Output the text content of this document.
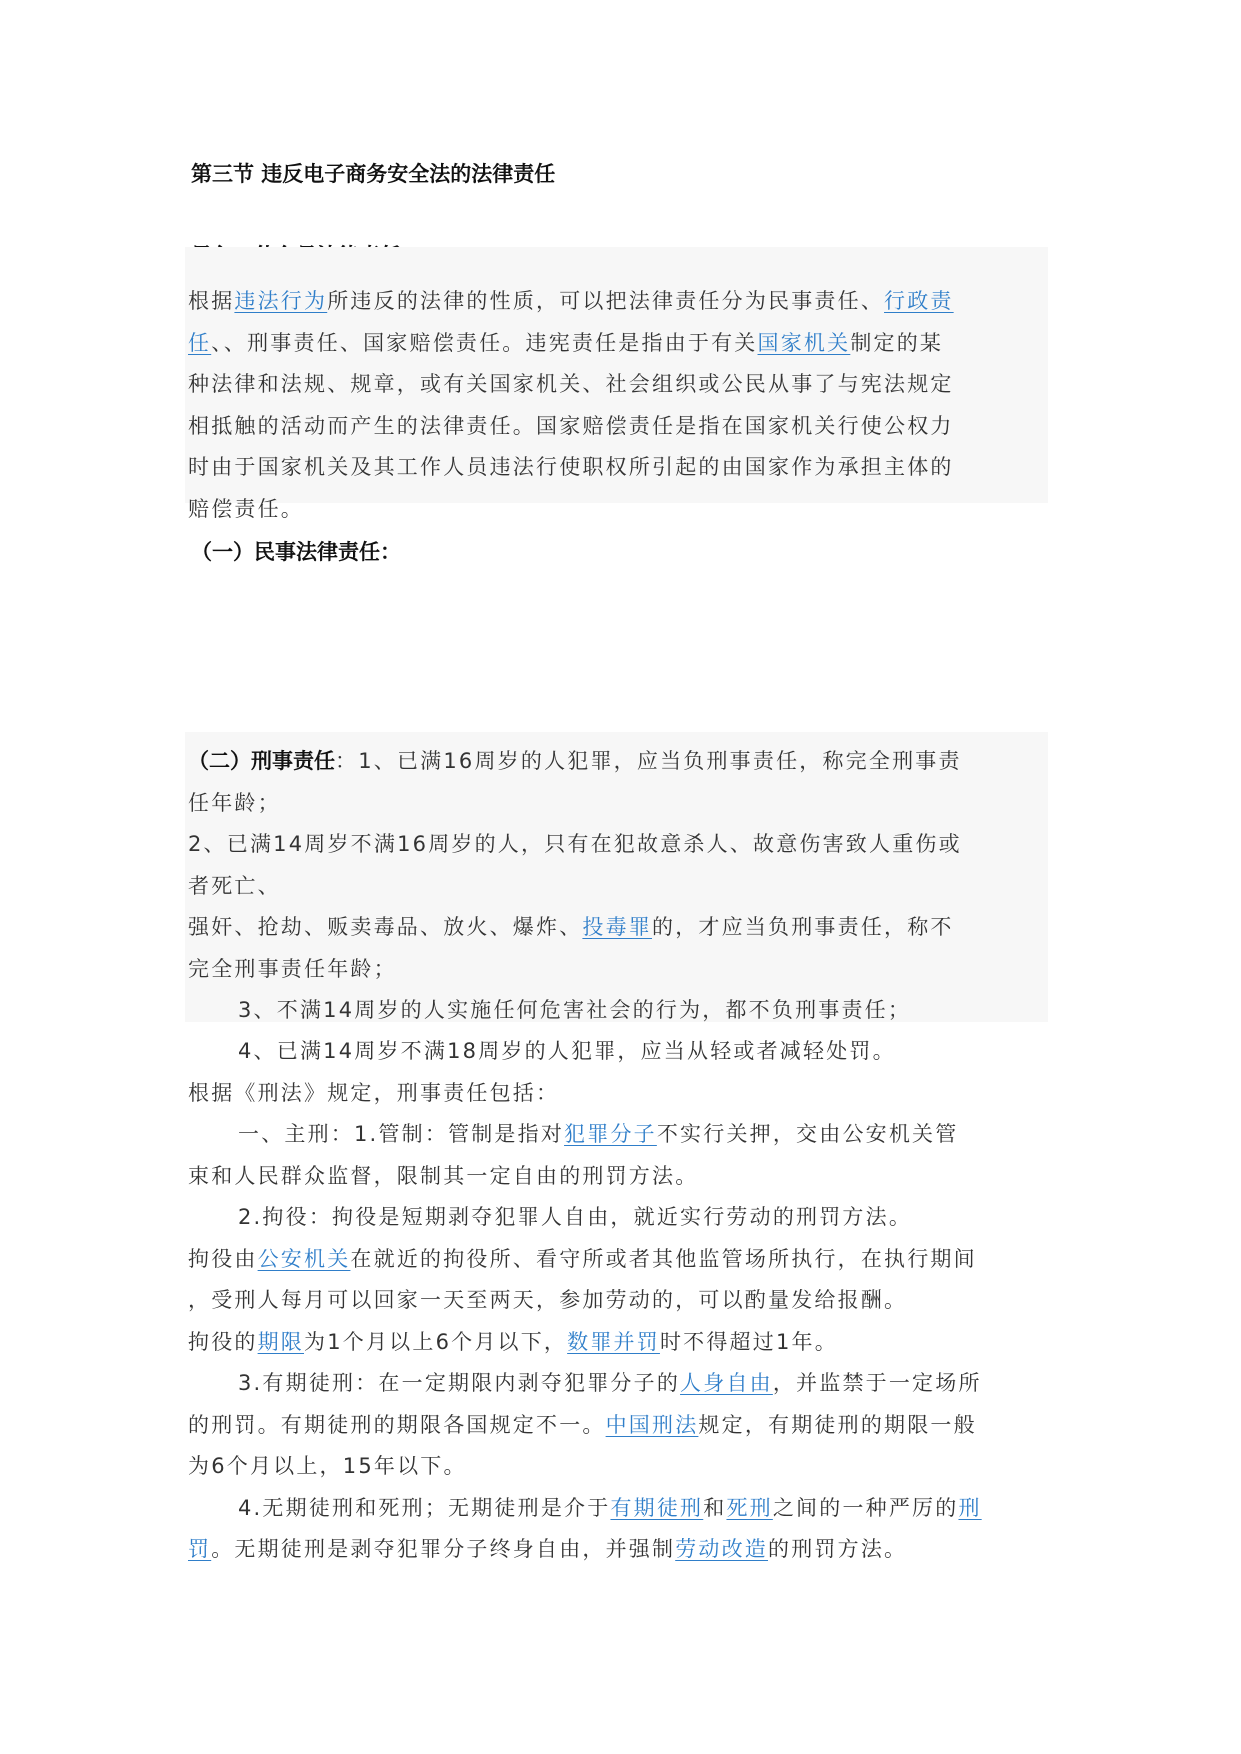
第三节 违反电子商务安全法的法律责任
根据违法行为所违反的法律的性质，可以把法律责任分为民事责任、行政责
任、、刑事责任、国家赔偿责任。违宪责任是指由于有关国家机关制定的某
种法律和法规、规章，或有关国家机关、社会组织或公民从事了与宪法规定
相抵触的活动而产生的法律责任。国家赔偿责任是指在国家机关行使公权力
时由于国家机关及其工作人员违法行使职权所引起的由国家作为承担主体的
赔偿责任。
（一）民事法律责任：
（二）刑事责任：1、已满16周岁的人犯罪，应当负刑事责任，称完全刑事责
任年龄；
2、已满14周岁不满16周岁的人，只有在犯故意杀人、故意伤害致人重伤或
者死亡、
强奸、抢劫、贩卖毒品、放火、爆炸、投毒罪的，才应当负刑事责任，称不
完全刑事责任年龄；
3、不满14周岁的人实施任何危害社会的行为，都不负刑事责任；
4、已满14周岁不满18周岁的人犯罪，应当从轻或者减轻处罚。
根据《刑法》规定，刑事责任包括：
一、主刑：1.管制：管制是指对犯罪分子不实行关押，交由公安机关管
束和人民群众监督，限制其一定自由的刑罚方法。
2.拘役：拘役是短期剥夺犯罪人自由，就近实行劳动的刑罚方法。
拘役由公安机关在就近的拘役所、看守所或者其他监管场所执行，在执行期间
，受刑人每月可以回家一天至两天，参加劳动的，可以酌量发给报酬。
拘役的期限为1个月以上6个月以下，数罪并罚时不得超过1年。
3.有期徒刑：在一定期限内剥夺犯罪分子的人身自由，并监禁于一定场所
的刑罚。有期徒刑的期限各国规定不一。中国刑法规定，有期徒刑的期限一般
为6个月以上，15年以下。
4.无期徒刑和死刑；无期徒刑是介于有期徒刑和死刑之间的一种严厉的刑
罚。无期徒刑是剥夺犯罪分子终身自由，并强制劳动改造的刑罚方法。
